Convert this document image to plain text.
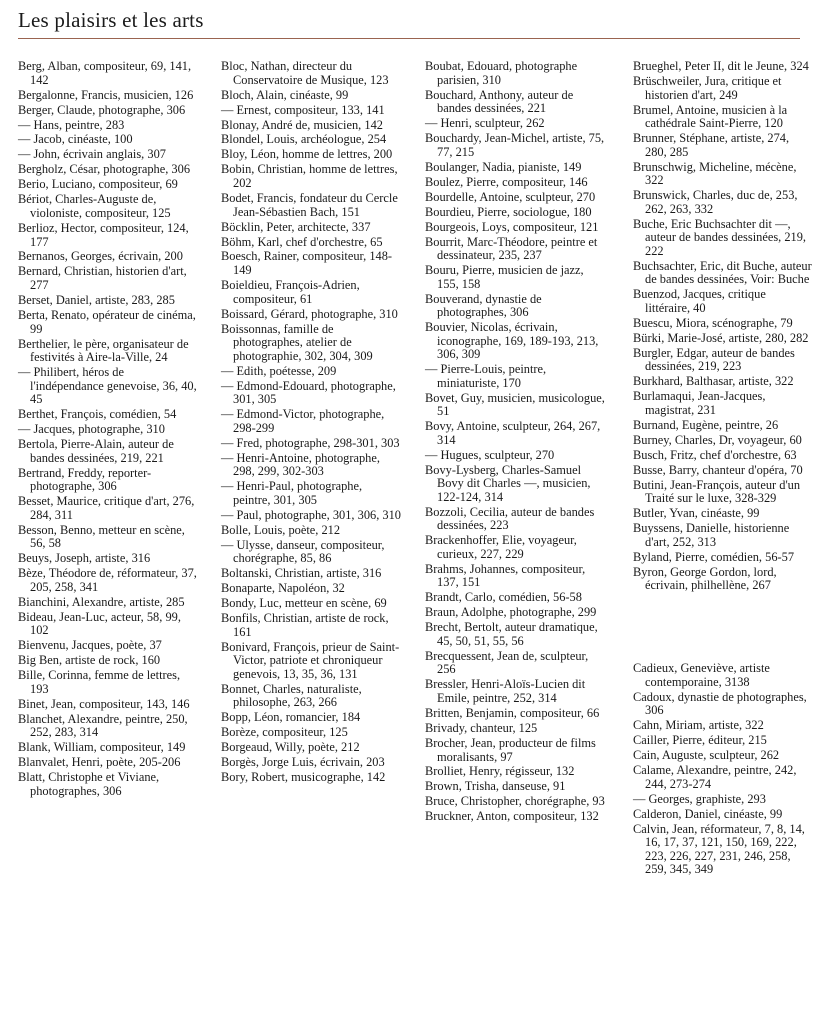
Les plaisirs et les arts
Berg, Alban, compositeur, 69, 141, 142
Bergalonne, Francis, musicien, 126
Berger, Claude, photographe, 306
— Hans, peintre, 283
— Jacob, cinéaste, 100
— John, écrivain anglais, 307
Bergholz, César, photographe, 306
Berio, Luciano, compositeur, 69
Bériot, Charles-Auguste de, violoniste, compositeur, 125
Berlioz, Hector, compositeur, 124, 177
Bernanos, Georges, écrivain, 200
Bernard, Christian, historien d'art, 277
Berset, Daniel, artiste, 283, 285
Berta, Renato, opérateur de cinéma, 99
Berthelier, le père, organisateur de festivités à Aire-la-Ville, 24
— Philibert, héros de l'indépendance genevoise, 36, 40, 45
Berthet, François, comédien, 54
— Jacques, photographe, 310
Bertola, Pierre-Alain, auteur de bandes dessinées, 219, 221
Bertrand, Freddy, reporter-photographe, 306
Besset, Maurice, critique d'art, 276, 284, 311
Besson, Benno, metteur en scène, 56, 58
Beuys, Joseph, artiste, 316
Bèze, Théodore de, réformateur, 37, 205, 258, 341
Bianchini, Alexandre, artiste, 285
Bideau, Jean-Luc, acteur, 58, 99, 102
Bienvenu, Jacques, poète, 37
Big Ben, artiste de rock, 160
Bille, Corinna, femme de lettres, 193
Binet, Jean, compositeur, 143, 146
Blanchet, Alexandre, peintre, 250, 252, 283, 314
Blank, William, compositeur, 149
Blanvalet, Henri, poète, 205-206
Blatt, Christophe et Viviane, photographes, 306
Bloc, Nathan, directeur du Conservatoire de Musique, 123
Bloch, Alain, cinéaste, 99
— Ernest, compositeur, 133, 141
Blonay, André de, musicien, 142
Blondel, Louis, archéologue, 254
Bloy, Léon, homme de lettres, 200
Bobin, Christian, homme de lettres, 202
Bodet, Francis, fondateur du Cercle Jean-Sébastien Bach, 151
Böcklin, Peter, architecte, 337
Böhm, Karl, chef d'orchestre, 65
Boesch, Rainer, compositeur, 148-149
Boieldieu, François-Adrien, compositeur, 61
Boissard, Gérard, photographe, 310
Boissonnas, famille de photographes, atelier de photographie, 302, 304, 309
— Edith, poétesse, 209
— Edmond-Edouard, photographe, 301, 305
— Edmond-Victor, photographe, 298-299
— Fred, photographe, 298-301, 303
— Henri-Antoine, photographe, 298, 299, 302-303
— Henri-Paul, photographe, peintre, 301, 305
— Paul, photographe, 301, 306, 310
Bolle, Louis, poète, 212
— Ulysse, danseur, compositeur, chorégraphe, 85, 86
Boltanski, Christian, artiste, 316
Bonaparte, Napoléon, 32
Bondy, Luc, metteur en scène, 69
Bonfils, Christian, artiste de rock, 161
Bonivard, François, prieur de Saint-Victor, patriote et chroniqueur genevois, 13, 35, 36, 131
Bonnet, Charles, naturaliste, philosophe, 263, 266
Bopp, Léon, romancier, 184
Borèze, compositeur, 125
Borgeaud, Willy, poète, 212
Borgès, Jorge Luis, écrivain, 203
Bory, Robert, musicographe, 142
Boubat, Edouard, photographe parisien, 310
Bouchard, Anthony, auteur de bandes dessinées, 221
— Henri, sculpteur, 262
Bouchardy, Jean-Michel, artiste, 75, 77, 215
Boulanger, Nadia, pianiste, 149
Boulez, Pierre, compositeur, 146
Bourdelle, Antoine, sculpteur, 270
Bourdieu, Pierre, sociologue, 180
Bourgeois, Loys, compositeur, 121
Bourrit, Marc-Théodore, peintre et dessinateur, 235, 237
Bouru, Pierre, musicien de jazz, 155, 158
Bouverand, dynastie de photographes, 306
Bouvier, Nicolas, écrivain, iconographe, 169, 189-193, 213, 306, 309
— Pierre-Louis, peintre, miniaturiste, 170
Bovet, Guy, musicien, musicologue, 51
Bovy, Antoine, sculpteur, 264, 267, 314
— Hugues, sculpteur, 270
Bovy-Lysberg, Charles-Samuel Bovy dit Charles —, musicien, 122-124, 314
Bozzoli, Cecilia, auteur de bandes dessinées, 223
Brackenhoffer, Elie, voyageur, curieux, 227, 229
Brahms, Johannes, compositeur, 137, 151
Brandt, Carlo, comédien, 56-58
Braun, Adolphe, photographe, 299
Brecht, Bertolt, auteur dramatique, 45, 50, 51, 55, 56
Brecquessent, Jean de, sculpteur, 256
Bressler, Henri-Aloïs-Lucien dit Emile, peintre, 252, 314
Britten, Benjamin, compositeur, 66
Brivady, chanteur, 125
Brocher, Jean, producteur de films moralisants, 97
Brolliet, Henry, régisseur, 132
Brown, Trisha, danseuse, 91
Bruce, Christopher, chorégraphe, 93
Bruckner, Anton, compositeur, 132
Brueghel, Peter II, dit le Jeune, 324
Brüschweiler, Jura, critique et historien d'art, 249
Brumel, Antoine, musicien à la cathédrale Saint-Pierre, 120
Brunner, Stéphane, artiste, 274, 280, 285
Brunschwig, Micheline, mécène, 322
Brunswick, Charles, duc de, 253, 262, 263, 332
Buche, Eric Buchsachter dit —, auteur de bandes dessinées, 219, 222
Buchsachter, Eric, dit Buche, auteur de bandes dessinées, Voir: Buche
Buenzod, Jacques, critique littéraire, 40
Buescu, Miora, scénographe, 79
Bürki, Marie-José, artiste, 280, 282
Burgler, Edgar, auteur de bandes dessinées, 219, 223
Burkhard, Balthasar, artiste, 322
Burlamaqui, Jean-Jacques, magistrat, 231
Burnand, Eugène, peintre, 26
Burney, Charles, Dr, voyageur, 60
Busch, Fritz, chef d'orchestre, 63
Busse, Barry, chanteur d'opéra, 70
Butini, Jean-François, auteur d'un Traité sur le luxe, 328-329
Butler, Yvan, cinéaste, 99
Buyssens, Danielle, historienne d'art, 252, 313
Byland, Pierre, comédien, 56-57
Byron, George Gordon, lord, écrivain, philhellène, 267
Cadieux, Geneviève, artiste contemporaine, 3138
Cadoux, dynastie de photographes, 306
Cahn, Miriam, artiste, 322
Cailler, Pierre, éditeur, 215
Cain, Auguste, sculpteur, 262
Calame, Alexandre, peintre, 242, 244, 273-274
— Georges, graphiste, 293
Calderon, Daniel, cinéaste, 99
Calvin, Jean, réformateur, 7, 8, 14, 16, 17, 37, 121, 150, 169, 222, 223, 226, 227, 231, 246, 258, 259, 345, 349
